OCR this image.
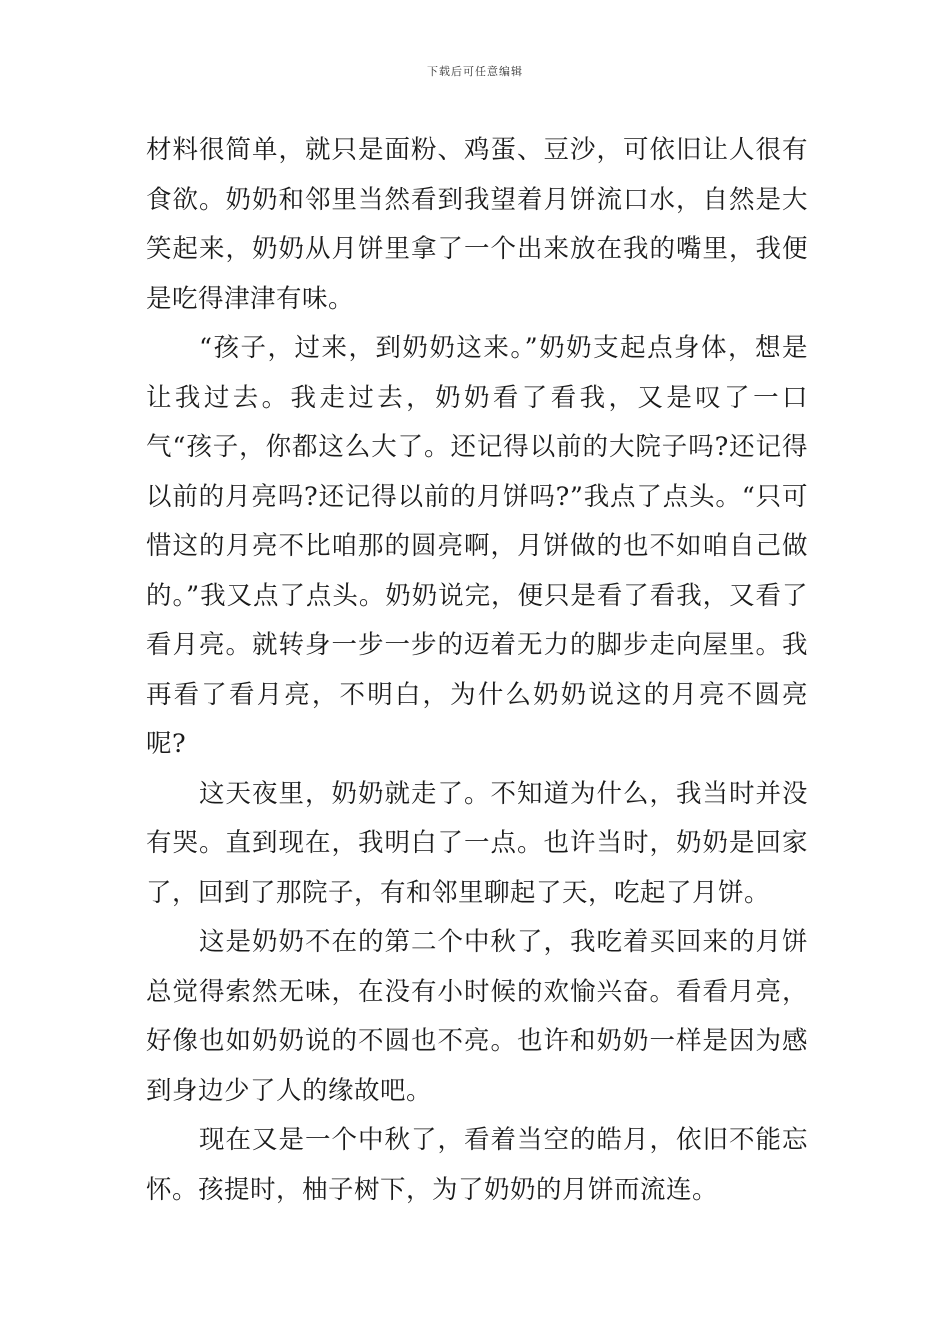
下载后可任意编辑

材料很简单，就只是面粉、鸡蛋、豆沙，可依旧让人很有食欲。奶奶和邻里当然看到我望着月饼流口水，自然是大笑起来，奶奶从月饼里拿了一个出来放在我的嘴里，我便是吃得津津有味。

“孩子，过来，到奶奶这来。”奶奶支起点身体，想是让我过去。我走过去，奶奶看了看我，又是叹了一口气“孩子，你都这么大了。还记得以前的大院子吗?还记得以前的月亮吗?还记得以前的月饼吗?”我点了点头。“只可惜这的月亮不比咱那的圆亮啊，月饼做的也不如咱自己做的。”我又点了点头。奶奶说完，便只是看了看我，又看了看月亮。就转身一步一步的迈着无力的脚步走向屋里。我再看了看月亮，不明白，为什么奶奶说这的月亮不圆亮呢?

这天夜里，奶奶就走了。不知道为什么，我当时并没有哭。直到现在，我明白了一点。也许当时，奶奶是回家了，回到了那院子，有和邻里聊起了天，吃起了月饼。

这是奶奶不在的第二个中秋了，我吃着买回来的月饼总觉得索然无味，在没有小时候的欢愉兴奋。看看月亮，好像也如奶奶说的不圆也不亮。也许和奶奶一样是因为感到身边少了人的缘故吧。

现在又是一个中秋了，看着当空的皓月，依旧不能忘怀。孩提时，柚子树下，为了奶奶的月饼而流连。
